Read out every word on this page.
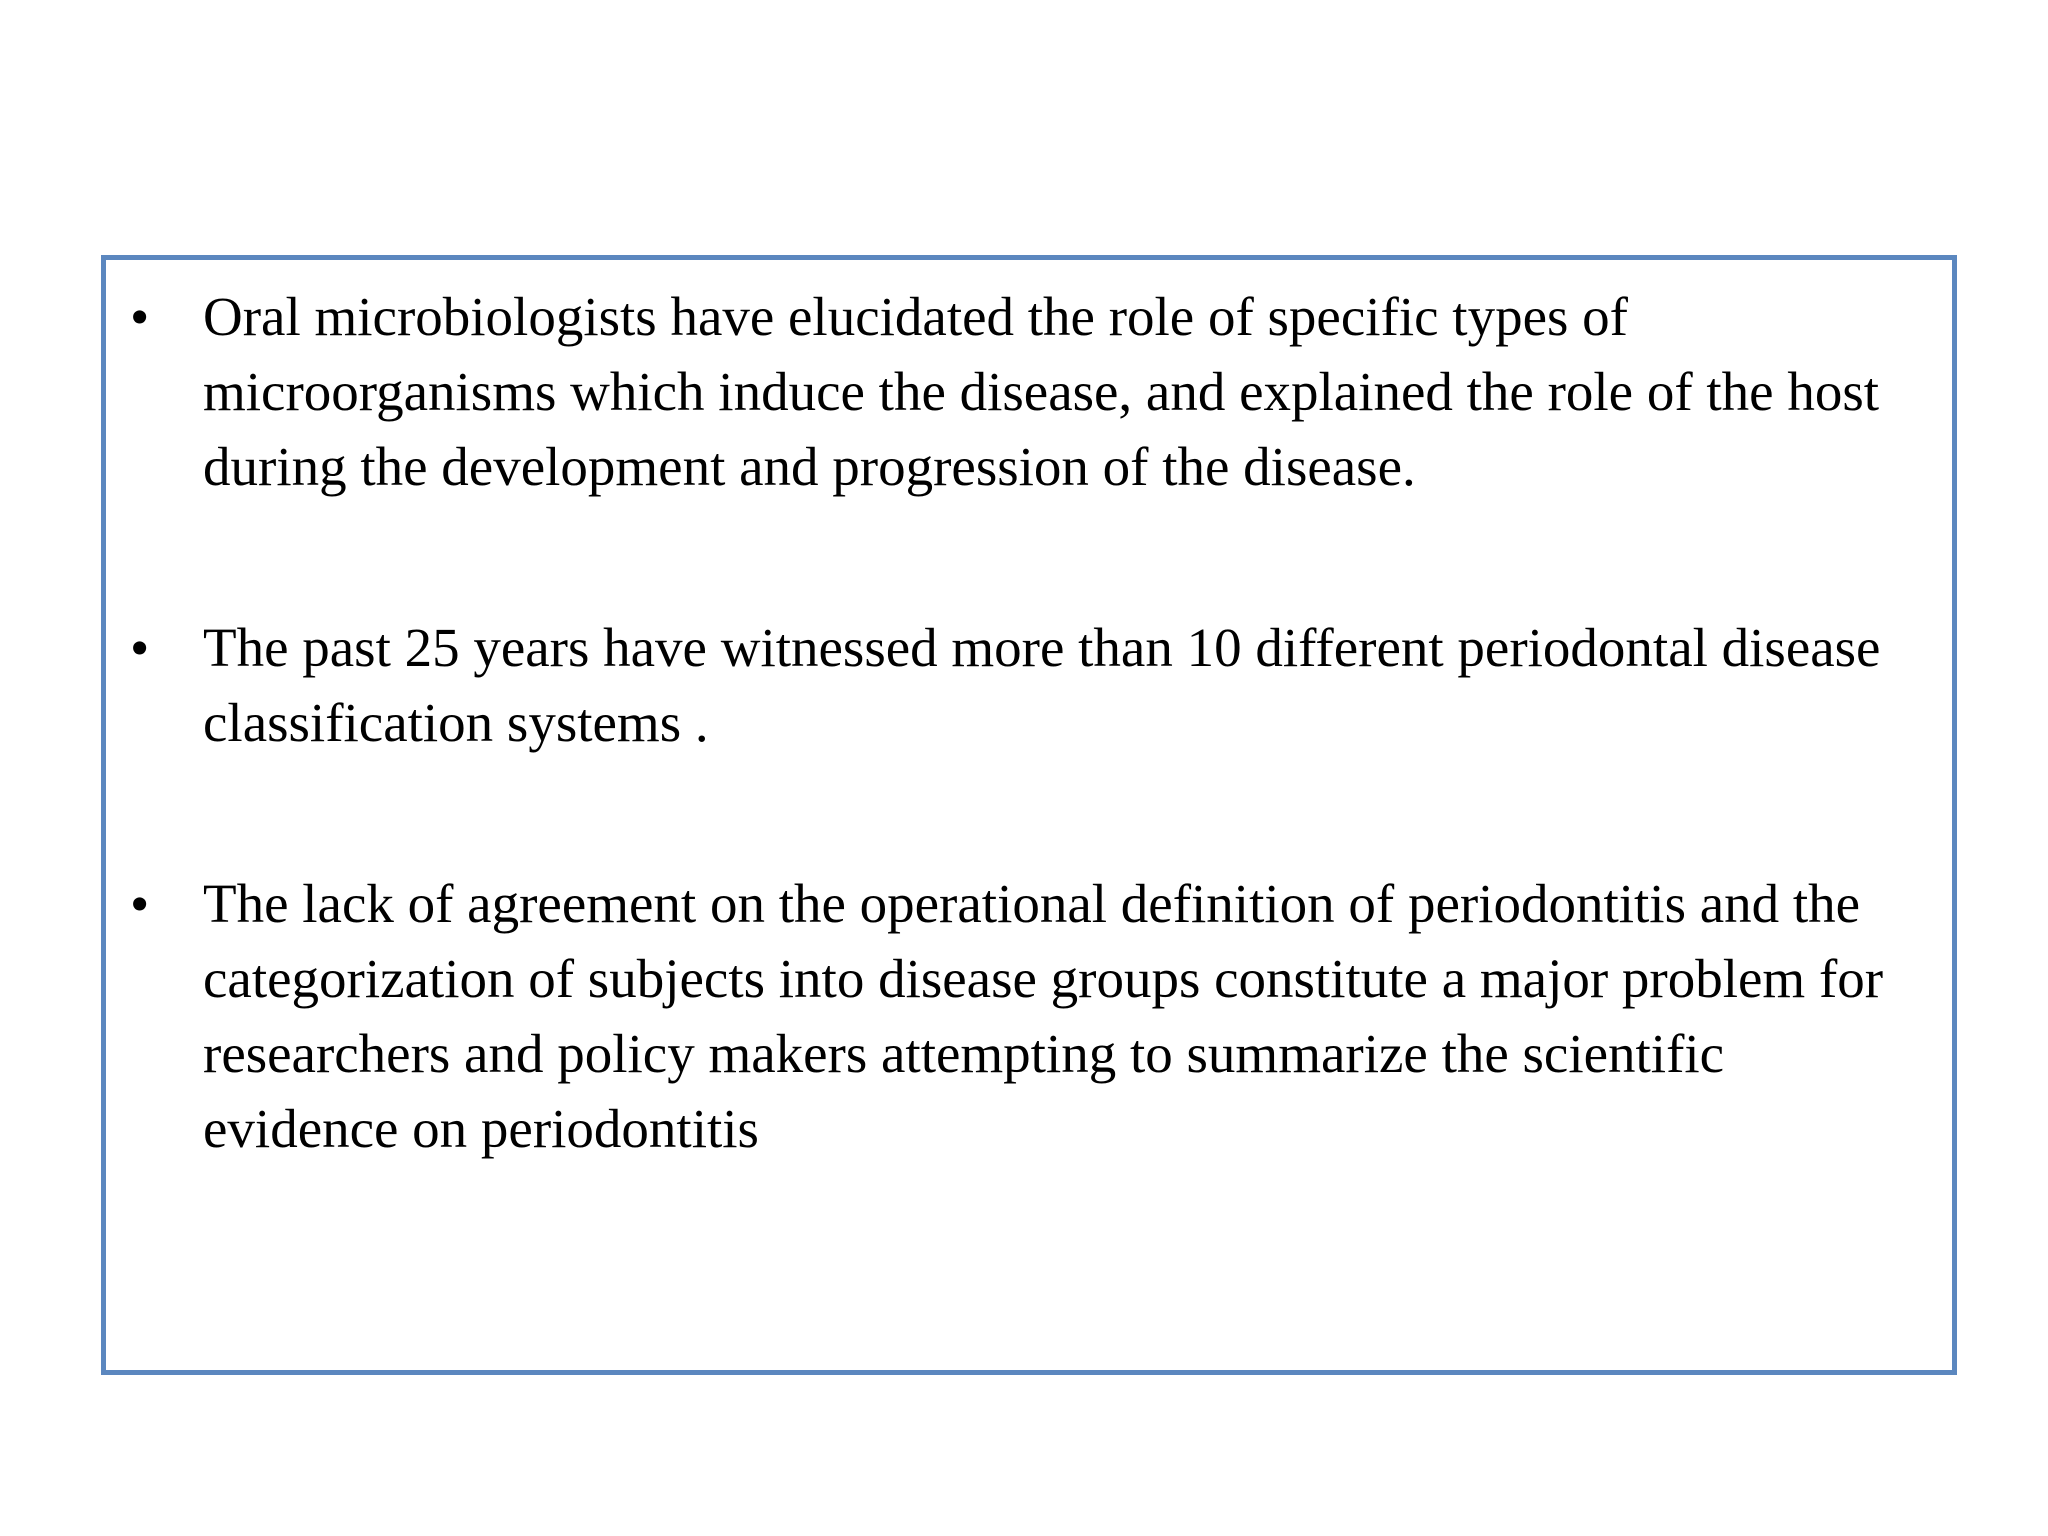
• Oral microbiologists have elucidated the role of specific types of microorganisms which induce the disease, and explained the role of the host during the development and progression of the disease.
• The past 25 years have witnessed more than 10 different periodontal disease classification systems .
• The lack of agreement on the operational definition of periodontitis and the categorization of subjects into disease groups constitute a major problem for researchers and policy makers attempting to summarize the scientific evidence on periodontitis
